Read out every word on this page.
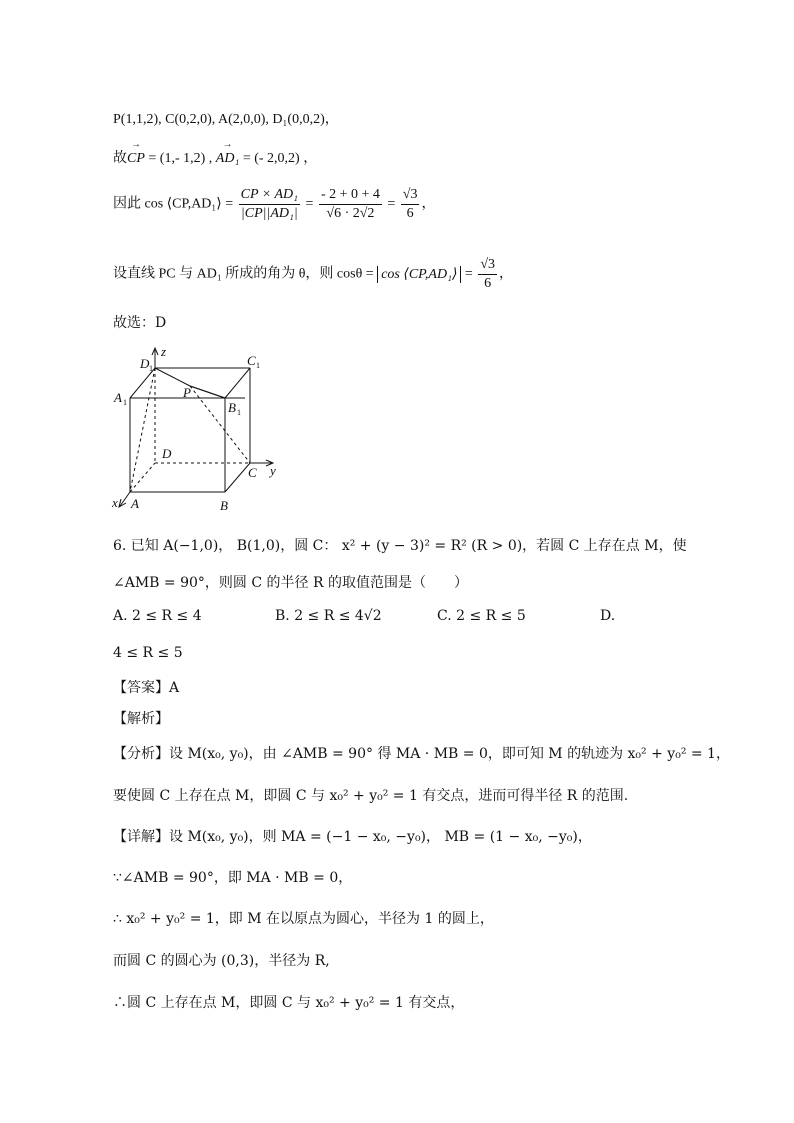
P(1,1,2), C(0,2,0), A(2,0,0), D₁(0,0,2)，
故→ CP = (1,- 1,2) , → AD₁ = (- 2,0,2) ，
因此 cos ⟨CP,AD₁⟩ = $\frac{\text{CP × AD₁}}{\text{|CP||AD₁|}} = \frac{- 2 + 0 + 4}{√6 \cdot 2√2} = \frac{√3}{6}$ ，
设直线 PC 与 AD₁ 所成的角为 θ，则 cosθ = cos ⟨CP,AD₁⟩ = $\frac{√3}{6}$ ，
故选：D
D 1
z
C 1
A 1
P
B 1
D
C y
x A	B
6. 已知 A(−1,0)， B(1,0)，圆 C： x² + (y − 3)² = R² (R > 0)，若圆 C 上存在点 M，使
∠AMB = 90°，则圆 C 的半径 R 的取值范围是（　　）
A. 2 ≤ R ≤ 4	B. 2 ≤ R ≤ 4√2	C. 2 ≤ R ≤ 5	D.
4 ≤ R ≤ 5
【答案】A
【解析】
【分析】设 M(x₀, y₀)，由 ∠AMB = 90° 得 MA · MB = 0，即可知 M 的轨迹为 x₀² + y₀² = 1，
要使圆 C 上存在点 M，即圆 C 与 x₀² + y₀² = 1 有交点，进而可得半径 R 的范围.
【详解】设 M(x₀, y₀)，则 MA = (−1 − x₀, −y₀)， MB = (1 − x₀, −y₀)，
∵∠AMB = 90°，即 MA · MB = 0，
∴ x₀² + y₀² = 1，即 M 在以原点为圆心，半径为 1 的圆上，
而圆 C 的圆心为 (0,3)，半径为 R,
∴圆 C 上存在点 M，即圆 C 与 x₀² + y₀² = 1 有交点，
